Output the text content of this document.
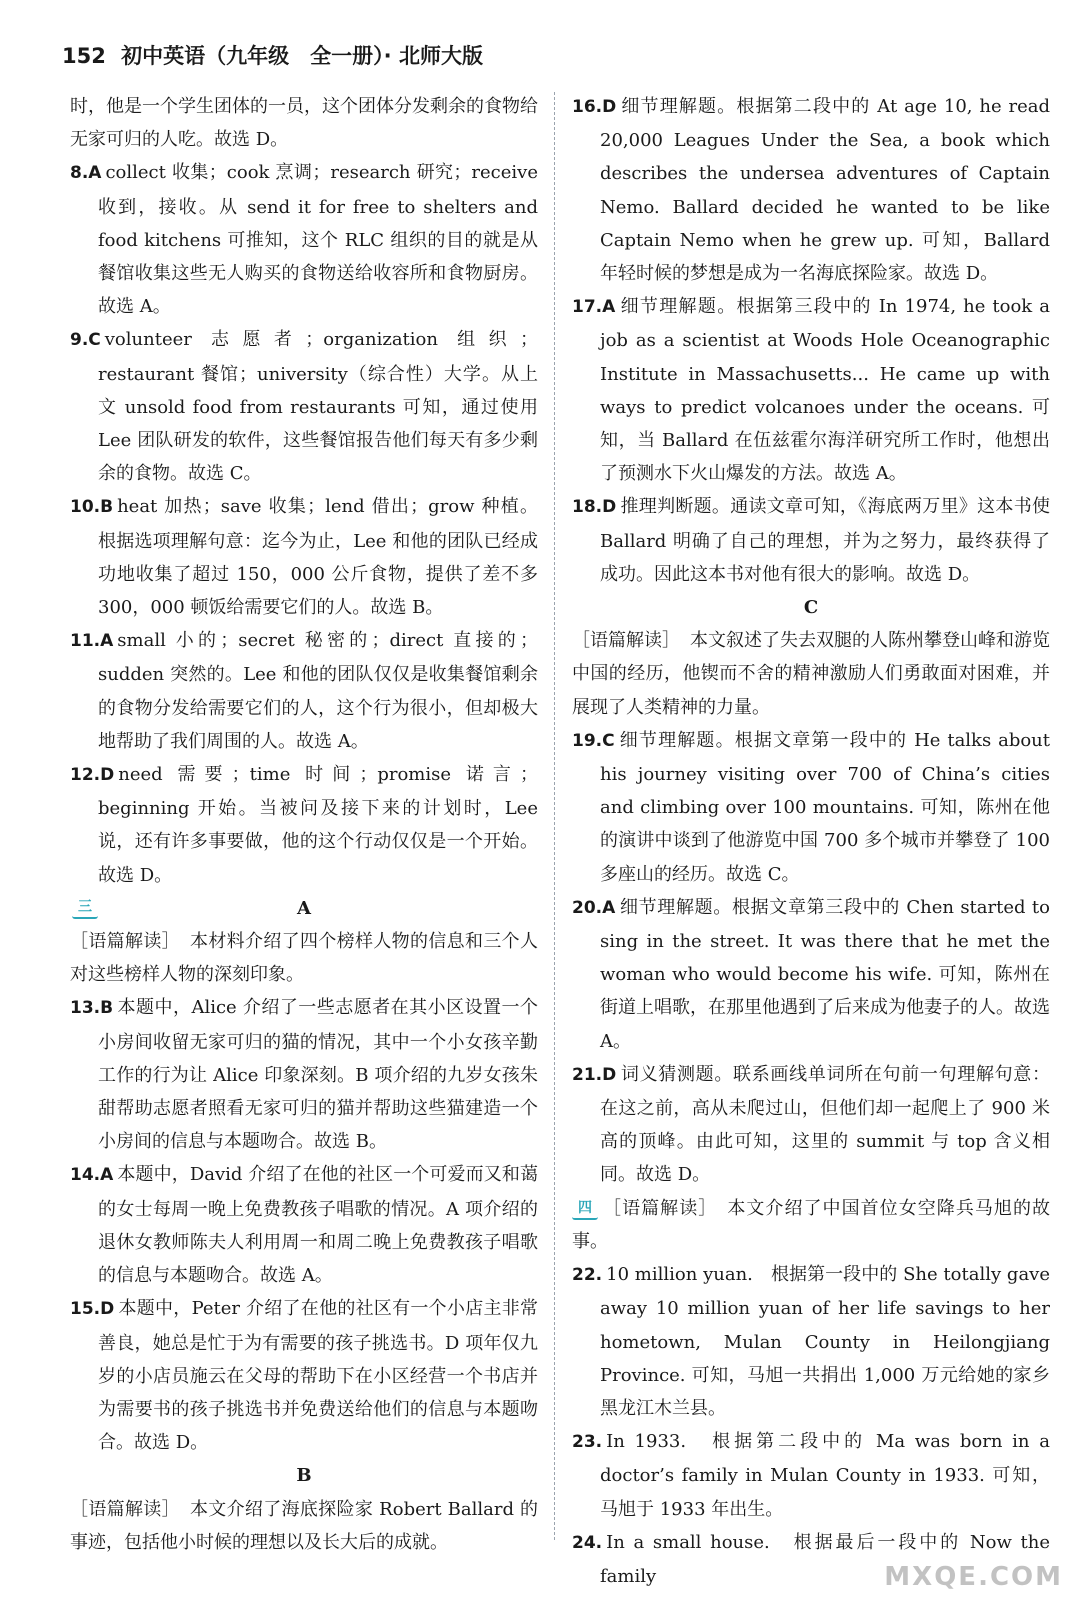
152 初中英语（九年级　全一册）· 北师大版

时，他是一个学生团体的一员，这个团体分发剩余的食物给无家可归的人吃。故选 D。

8.A collect 收集；cook 烹调；research 研究；receive 收到，接收。从 send it for free to shelters and food kitchens 可推知，这个 RLC 组织的目的就是从餐馆收集这些无人购买的食物送给收容所和食物厨房。故选 A。

9.C volunteer 志愿者；organization 组织；restaurant 餐馆；university（综合性）大学。从上文 unsold food from restaurants 可知，通过使用 Lee 团队研发的软件，这些餐馆报告他们每天有多少剩余的食物。故选 C。

10.B heat 加热；save 收集；lend 借出；grow 种植。根据选项理解句意：迄今为止，Lee 和他的团队已经成功地收集了超过 150，000 公斤食物，提供了差不多 300，000 顿饭给需要它们的人。故选 B。

11.A small 小的；secret 秘密的；direct 直接的；sudden 突然的。Lee 和他的团队仅仅是收集餐馆剩余的食物分发给需要它们的人，这个行为很小，但却极大地帮助了我们周围的人。故选 A。

12.D need 需要；time 时间；promise 诺言；beginning 开始。当被问及接下来的计划时，Lee 说，还有许多事要做，他的这个行动仅仅是一个开始。故选 D。

三	A

［语篇解读］ 本材料介绍了四个榜样人物的信息和三个人对这些榜样人物的深刻印象。

13.B 本题中，Alice 介绍了一些志愿者在其小区设置一个小房间收留无家可归的猫的情况，其中一个小女孩辛勤工作的行为让 Alice 印象深刻。B 项介绍的九岁女孩朱甜帮助志愿者照看无家可归的猫并帮助这些猫建造一个小房间的信息与本题吻合。故选 B。

14.A 本题中，David 介绍了在他的社区一个可爱而又和蔼的女士每周一晚上免费教孩子唱歌的情况。A 项介绍的退休女教师陈夫人利用周一和周二晚上免费教孩子唱歌的信息与本题吻合。故选 A。

15.D 本题中，Peter 介绍了在他的社区有一个小店主非常善良，她总是忙于为有需要的孩子挑选书。D 项年仅九岁的小店员施云在父母的帮助下在小区经营一个书店并为需要书的孩子挑选书并免费送给他们的信息与本题吻合。故选 D。

B

［语篇解读］ 本文介绍了海底探险家 Robert Ballard 的事迹，包括他小时候的理想以及长大后的成就。

16.D 细节理解题。根据第二段中的 At age 10, he read 20,000 Leagues Under the Sea, a book which describes the undersea adventures of Captain Nemo. Ballard decided he wanted to be like Captain Nemo when he grew up. 可知，Ballard 年轻时候的梦想是成为一名海底探险家。故选 D。

17.A 细节理解题。根据第三段中的 In 1974, he took a job as a scientist at Woods Hole Oceanographic Institute in Massachusetts... He came up with ways to predict volcanoes under the oceans. 可知，当 Ballard 在伍兹霍尔海洋研究所工作时，他想出了预测水下火山爆发的方法。故选 A。

18.D 推理判断题。通读文章可知，《海底两万里》这本书使 Ballard 明确了自己的理想，并为之努力，最终获得了成功。因此这本书对他有很大的影响。故选 D。

C

［语篇解读］ 本文叙述了失去双腿的人陈州攀登山峰和游览中国的经历，他锲而不舍的精神激励人们勇敢面对困难，并展现了人类精神的力量。

19.C 细节理解题。根据文章第一段中的 He talks about his journey visiting over 700 of China’s cities and climbing over 100 mountains. 可知，陈州在他的演讲中谈到了他游览中国 700 多个城市并攀登了 100 多座山的经历。故选 C。

20.A 细节理解题。根据文章第三段中的 Chen started to sing in the street. It was there that he met the woman who would become his wife. 可知，陈州在街道上唱歌，在那里他遇到了后来成为他妻子的人。故选 A。

21.D 词义猜测题。联系画线单词所在句前一句理解句意：在这之前，高从未爬过山，但他们却一起爬上了 900 米高的顶峰。由此可知，这里的 summit 与 top 含义相同。故选 D。

四 ［语篇解读］ 本文介绍了中国首位女空降兵马旭的故事。

22. 10 million yuan.　根据第一段中的 She totally gave away 10 million yuan of her life savings to her hometown, Mulan County in Heilongjiang Province. 可知，马旭一共捐出 1,000 万元给她的家乡黑龙江木兰县。

23. In 1933.　根据第二段中的 Ma was born in a doctor’s family in Mulan County in 1933. 可知，马旭于 1933 年出生。

24. In a small house.　根据最后一段中的 Now the family	MXQE.COM
